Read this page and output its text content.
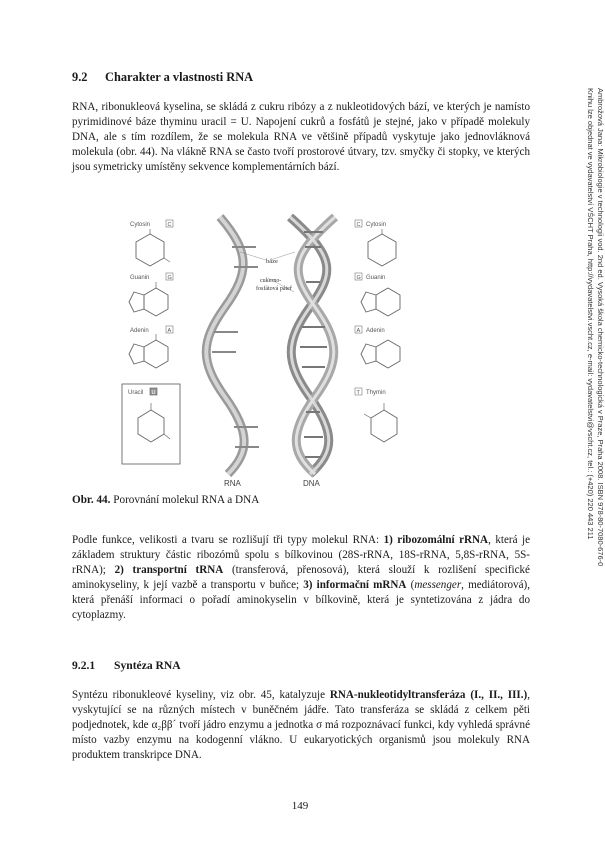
9.2 Charakter a vlastnosti RNA
RNA, ribonukleová kyselina, se skládá z cukru ribózy a z nukleotidových bází, ve kterých je namísto pyrimidinové báze thyminu uracil = U. Napojení cukrů a fosfátů je stejné, jako v případě molekuly DNA, ale s tím rozdílem, že se molekula RNA ve většině případů vyskytuje jako jednovláknová molekula (obr. 44). Na vlákně RNA se často tvoří prostorové útvary, tzv. smyčky či stopky, ve kterých jsou symetricky umístěny sekvence komplementárních bází.
Cytosin	C
Guanin	G
Adenin	A
Uracil U
báze
cukerno-
fosfátová páteř
RNA	DNA
C Cytosin
G Guanin
A Adenin
T Thymin
Obr. 44. Porovnání molekul RNA a DNA
Podle funkce, velikosti a tvaru se rozlišují tři typy molekul RNA: 1) ribozomální rRNA, která je základem struktury částic ribozómů spolu s bílkovinou (28S-rRNA, 18S-rRNA, 5,8S-rRNA, 5S-rRNA); 2) transportní tRNA (transferová, přenosová), která slouží k rozlišení specifické aminokyseliny, k její vazbě a transportu v buňce; 3) informační mRNA (messenger, mediátorová), která přenáší informaci o pořadí aminokyselin v bílkovině, která je syntetizována z jádra do cytoplazmy.
9.2.1 Syntéza RNA
Syntézu ribonukleové kyseliny, viz obr. 45, katalyzuje RNA-nukleotidyltransferáza (I., II., III.), vyskytující se na různých místech v buněčném jádře. Tato transferáza se skládá z celkem pěti podjednotek, kde α₂ββ´ tvoří jádro enzymu a jednotka σ má rozpoznávací funkci, kdy vyhledá správné místo vazby enzymu na kodogenní vlákno. U eukaryotických organismů jsou molekuly RNA produktem transkripce DNA.
149
Ambrožová Jana: Mikrobiologie v technologii vod. 2nd ed. Vysoká škola chemicko-technologická v Praze, Praha 2008. ISBN 978-80-7080-676-0
Knihu lze objednat ve vydavatelství VŠCHT Praha, http://vydavatelstvi.vscht.cz, e-mail: vydavatelstvi@vscht.cz, tel.: (+420) 220 443 211
